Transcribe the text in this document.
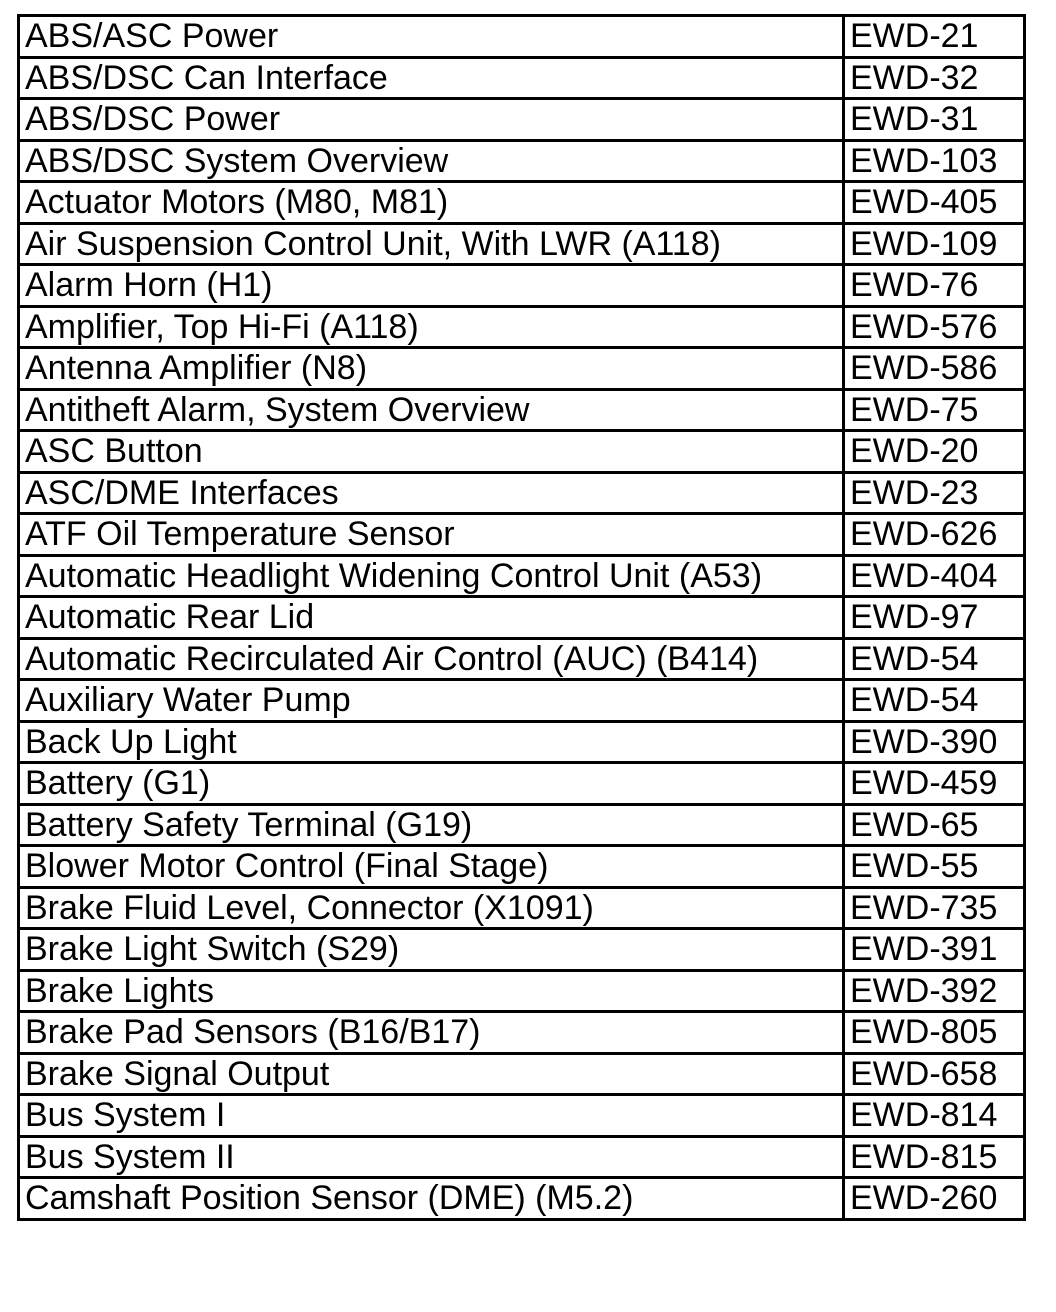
ABS/ASC Power	EWD-21
ABS/DSC Can Interface	EWD-32
ABS/DSC Power	EWD-31
ABS/DSC System Overview	EWD-103
Actuator Motors (M80, M81)	EWD-405
Air Suspension Control Unit, With LWR (A118)	EWD-109
Alarm Horn (H1)	EWD-76
Amplifier, Top Hi-Fi (A118)	EWD-576
Antenna Amplifier (N8)	EWD-586
Antitheft Alarm, System Overview	EWD-75
ASC Button	EWD-20
ASC/DME Interfaces	EWD-23
ATF Oil Temperature Sensor	EWD-626
Automatic Headlight Widening Control Unit (A53)	EWD-404
Automatic Rear Lid	EWD-97
Automatic Recirculated Air Control (AUC) (B414)	EWD-54
Auxiliary Water Pump	EWD-54
Back Up Light	EWD-390
Battery (G1)	EWD-459
Battery Safety Terminal (G19)	EWD-65
Blower Motor Control (Final Stage)	EWD-55
Brake Fluid Level, Connector (X1091)	EWD-735
Brake Light Switch (S29)	EWD-391
Brake Lights	EWD-392
Brake Pad Sensors (B16/B17)	EWD-805
Brake Signal Output	EWD-658
Bus System I	EWD-814
Bus System II	EWD-815
Camshaft Position Sensor (DME) (M5.2)	EWD-260
